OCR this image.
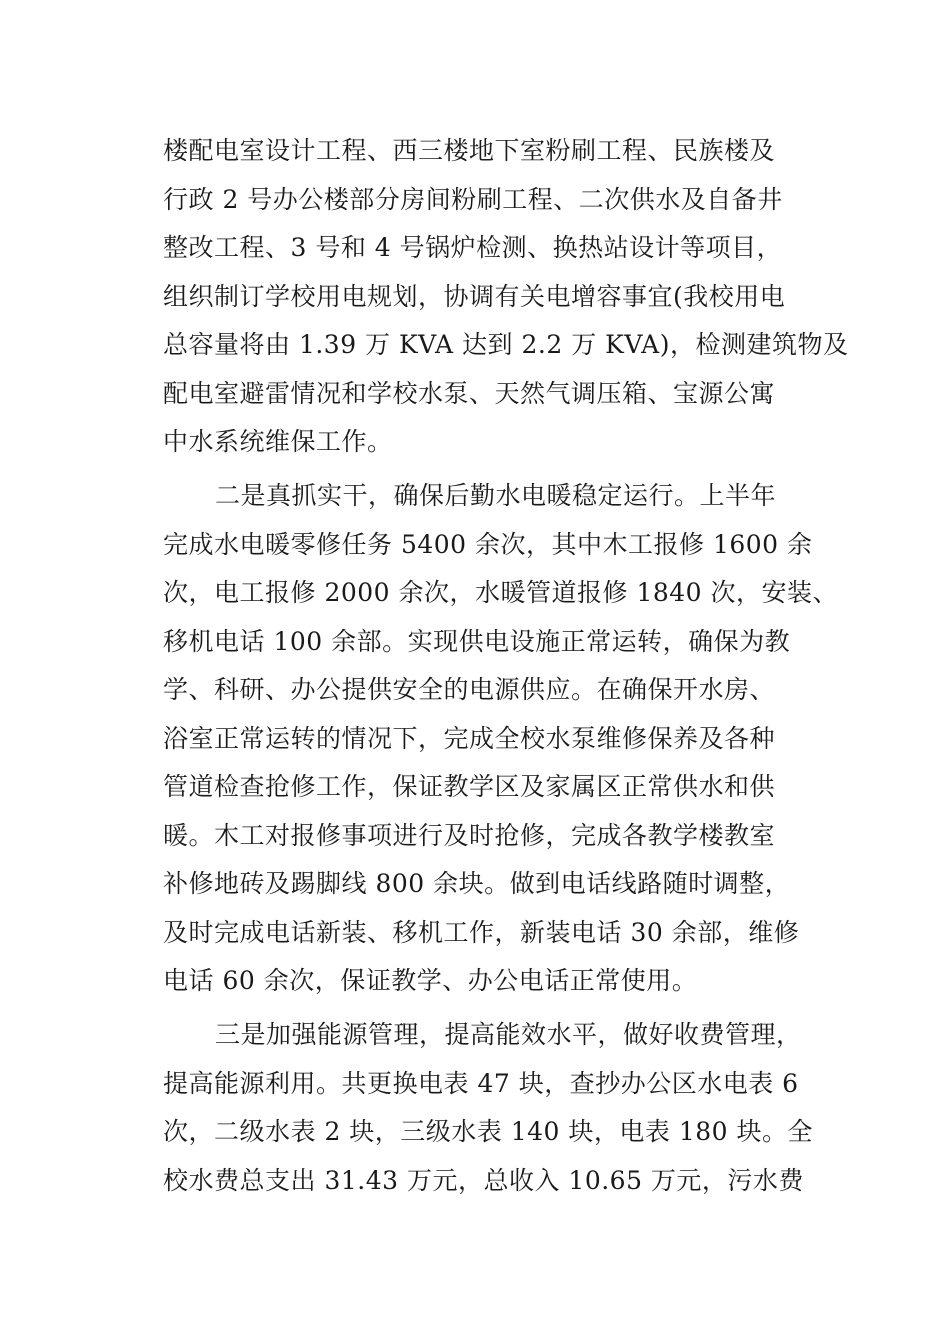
楼配电室设计工程、西三楼地下室粉刷工程、民族楼及
行政 2 号办公楼部分房间粉刷工程、二次供水及自备井
整改工程、3 号和 4 号锅炉检测、换热站设计等项目，
组织制订学校用电规划，协调有关电增容事宜(我校用电
总容量将由 1.39 万 KVA 达到 2.2 万 KVA)，检测建筑物及
配电室避雷情况和学校水泵、天然气调压箱、宝源公寓
中水系统维保工作。
二是真抓实干，确保后勤水电暖稳定运行。上半年
完成水电暖零修任务 5400 余次，其中木工报修 1600 余
次，电工报修 2000 余次，水暖管道报修 1840 次，安装、
移机电话 100 余部。实现供电设施正常运转，确保为教
学、科研、办公提供安全的电源供应。在确保开水房、
浴室正常运转的情况下，完成全校水泵维修保养及各种
管道检查抢修工作，保证教学区及家属区正常供水和供
暖。木工对报修事项进行及时抢修，完成各教学楼教室
补修地砖及踢脚线 800 余块。做到电话线路随时调整，
及时完成电话新装、移机工作，新装电话 30 余部，维修
电话 60 余次，保证教学、办公电话正常使用。
三是加强能源管理，提高能效水平，做好收费管理，
提高能源利用。共更换电表 47 块，查抄办公区水电表 6
次，二级水表 2 块，三级水表 140 块，电表 180 块。全
校水费总支出 31.43 万元，总收入 10.65 万元，污水费
